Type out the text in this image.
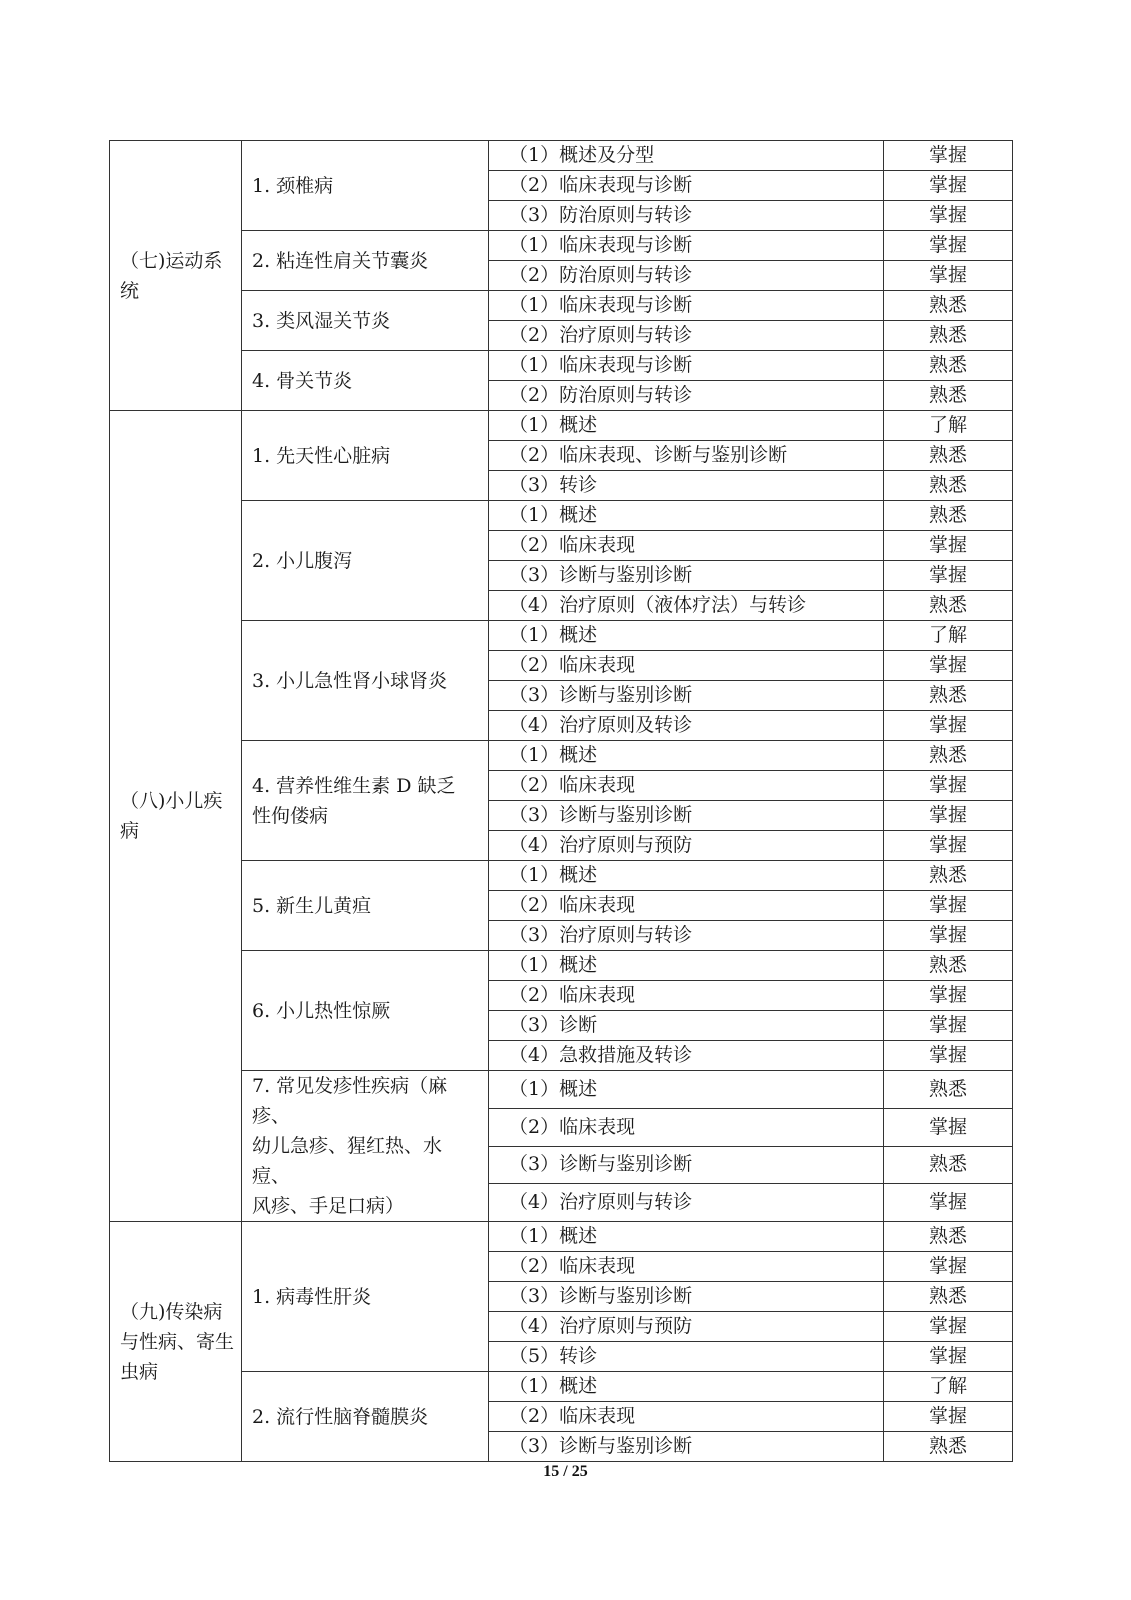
（七)运动系
统	1. 颈椎病	（1）概述及分型	掌握
		（2）临床表现与诊断	掌握
		（3）防治原则与转诊	掌握

	2. 粘连性肩关节囊炎	（1）临床表现与诊断	掌握
		（2）防治原则与转诊	掌握

	3. 类风湿关节炎	（1）临床表现与诊断	熟悉
		（2）治疗原则与转诊	熟悉

	4. 骨关节炎	（1）临床表现与诊断	熟悉
		（2）防治原则与转诊	熟悉

（八)小儿疾
病	1. 先天性心脏病	（1）概述	了解
		（2）临床表现、诊断与鉴别诊断	熟悉
		（3）转诊	熟悉

	2. 小儿腹泻	（1）概述	熟悉
		（2）临床表现	掌握
		（3）诊断与鉴别诊断	掌握
		（4）治疗原则（液体疗法）与转诊	熟悉

	3. 小儿急性肾小球肾炎	（1）概述	了解
		（2）临床表现	掌握
		（3）诊断与鉴别诊断	熟悉
		（4）治疗原则及转诊	掌握

	4. 营养性维生素 D 缺乏
性佝偻病	（1）概述	熟悉
		（2）临床表现	掌握
		（3）诊断与鉴别诊断	掌握
		（4）治疗原则与预防	掌握

	5. 新生儿黄疸	（1）概述	熟悉
		（2）临床表现	掌握
		（3）治疗原则与转诊	掌握

	6. 小儿热性惊厥	（1）概述	熟悉
		（2）临床表现	掌握
		（3）诊断	掌握
		（4）急救措施及转诊	掌握

	7. 常见发疹性疾病（麻疹、
幼儿急疹、猩红热、水痘、
风疹、手足口病）	（1）概述	熟悉
		（2）临床表现	掌握
		（3）诊断与鉴别诊断	熟悉
		（4）治疗原则与转诊	掌握

（九)传染病
与性病、寄生
虫病	1. 病毒性肝炎	（1）概述	熟悉
		（2）临床表现	掌握
		（3）诊断与鉴别诊断	熟悉
		（4）治疗原则与预防	掌握
		（5）转诊	掌握

	2. 流行性脑脊髓膜炎	（1）概述	了解
		（2）临床表现	掌握
		（3）诊断与鉴别诊断	熟悉
15 / 25
